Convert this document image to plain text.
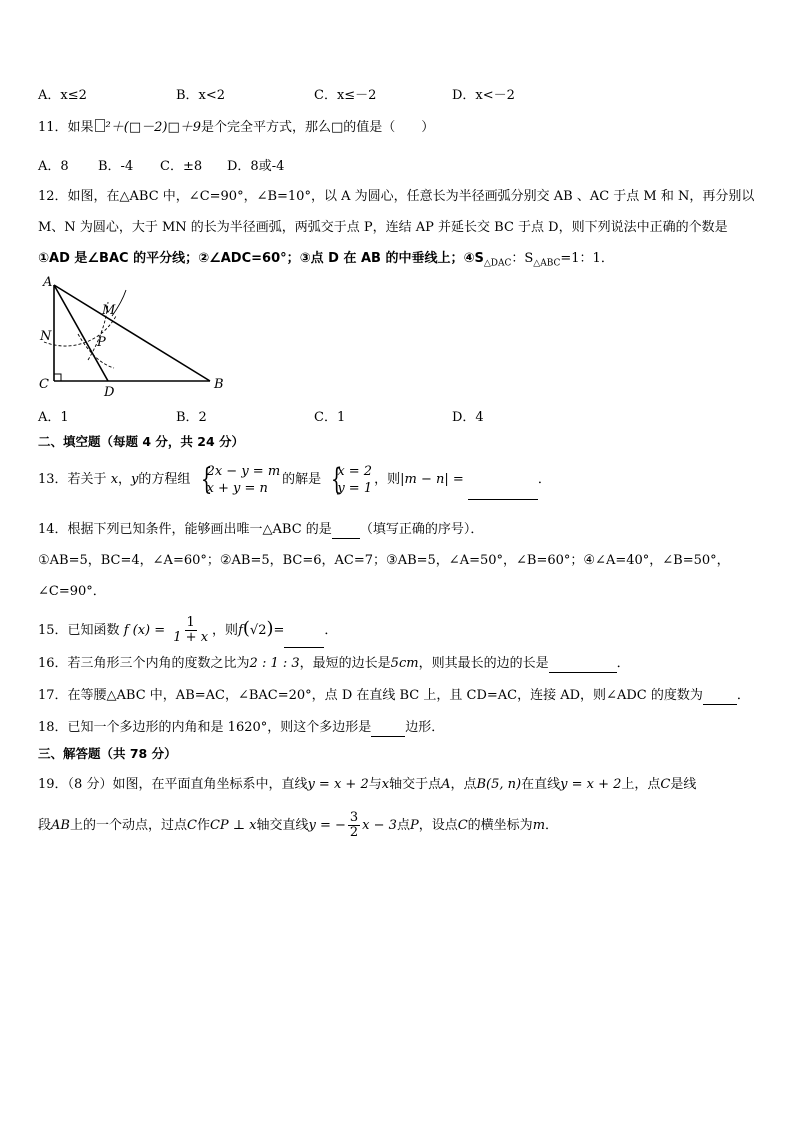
A．x≤2	B．x<2	C．x≤－2	D．x<－2
11．如果 ²＋(□－2)□＋9是个完全平方式，那么□的值是（　　）
A．8 B．-4 C．±8 D．8或-4
12．如图，在△ABC 中，∠C=90°，∠B=10°，以 A 为圆心，任意长为半径画弧分别交 AB 、AC 于点 M 和 N，再分别以
M、N 为圆心，大于 MN 的长为半径画弧，两弧交于点 P，连结 AP 并延长交 BC 于点 D，则下列说法中正确的个数是
①AD 是∠BAC 的平分线；②∠ADC=60°；③点 D 在 AB 的中垂线上；$④S_{\triangle DAC}$：$S_{\triangle ABC}=1$：1．
A
B
C
D
M
N	P
A．1	B．2	C．1	D．4
二、填空题（每题 4 分，共 24 分）
13．若关于 x，y的方程组 {
2x − y = m
x + y = n
的解是 {
x = 2
y = 1
，则|m − n| =	．
14．根据下列已知条件，能够画出唯一△ABC 的是 （填写正确的序号）．
①AB=5，BC=4，∠A=60°；②AB=5，BC=6，AC=7；③AB=5，∠A=50°，∠B=60°；④∠A=40°，∠B=50°，
∠C=90°．
15．已知函数 f $(x) = \frac{1}{1 + x}$ ，则f(√2)=	．
16．若三角形三个内角的度数之比为2 : 1 : 3，最短的边长是5cm，则其最长的边的长是	．
17．在等腰△ABC 中，AB=AC，∠BAC=20°，点 D 在直线 BC 上，且 CD=AC，连接 AD，则∠ADC 的度数为	．
18．已知一个多边形的内角和是 1620°，则这个多边形是	边形．
三、解答题（共 78 分）
19．（8 分）如图，在平面直角坐标系中，直线y = x + 2与x轴交于点A，点B(5, n)在直线y = x + 2上，点C是线
段AB上的一个动点，过点C作CP ⊥ x轴交直线y = − $\frac{3}{2}$ x − 3点P，设点C的横坐标为m．
